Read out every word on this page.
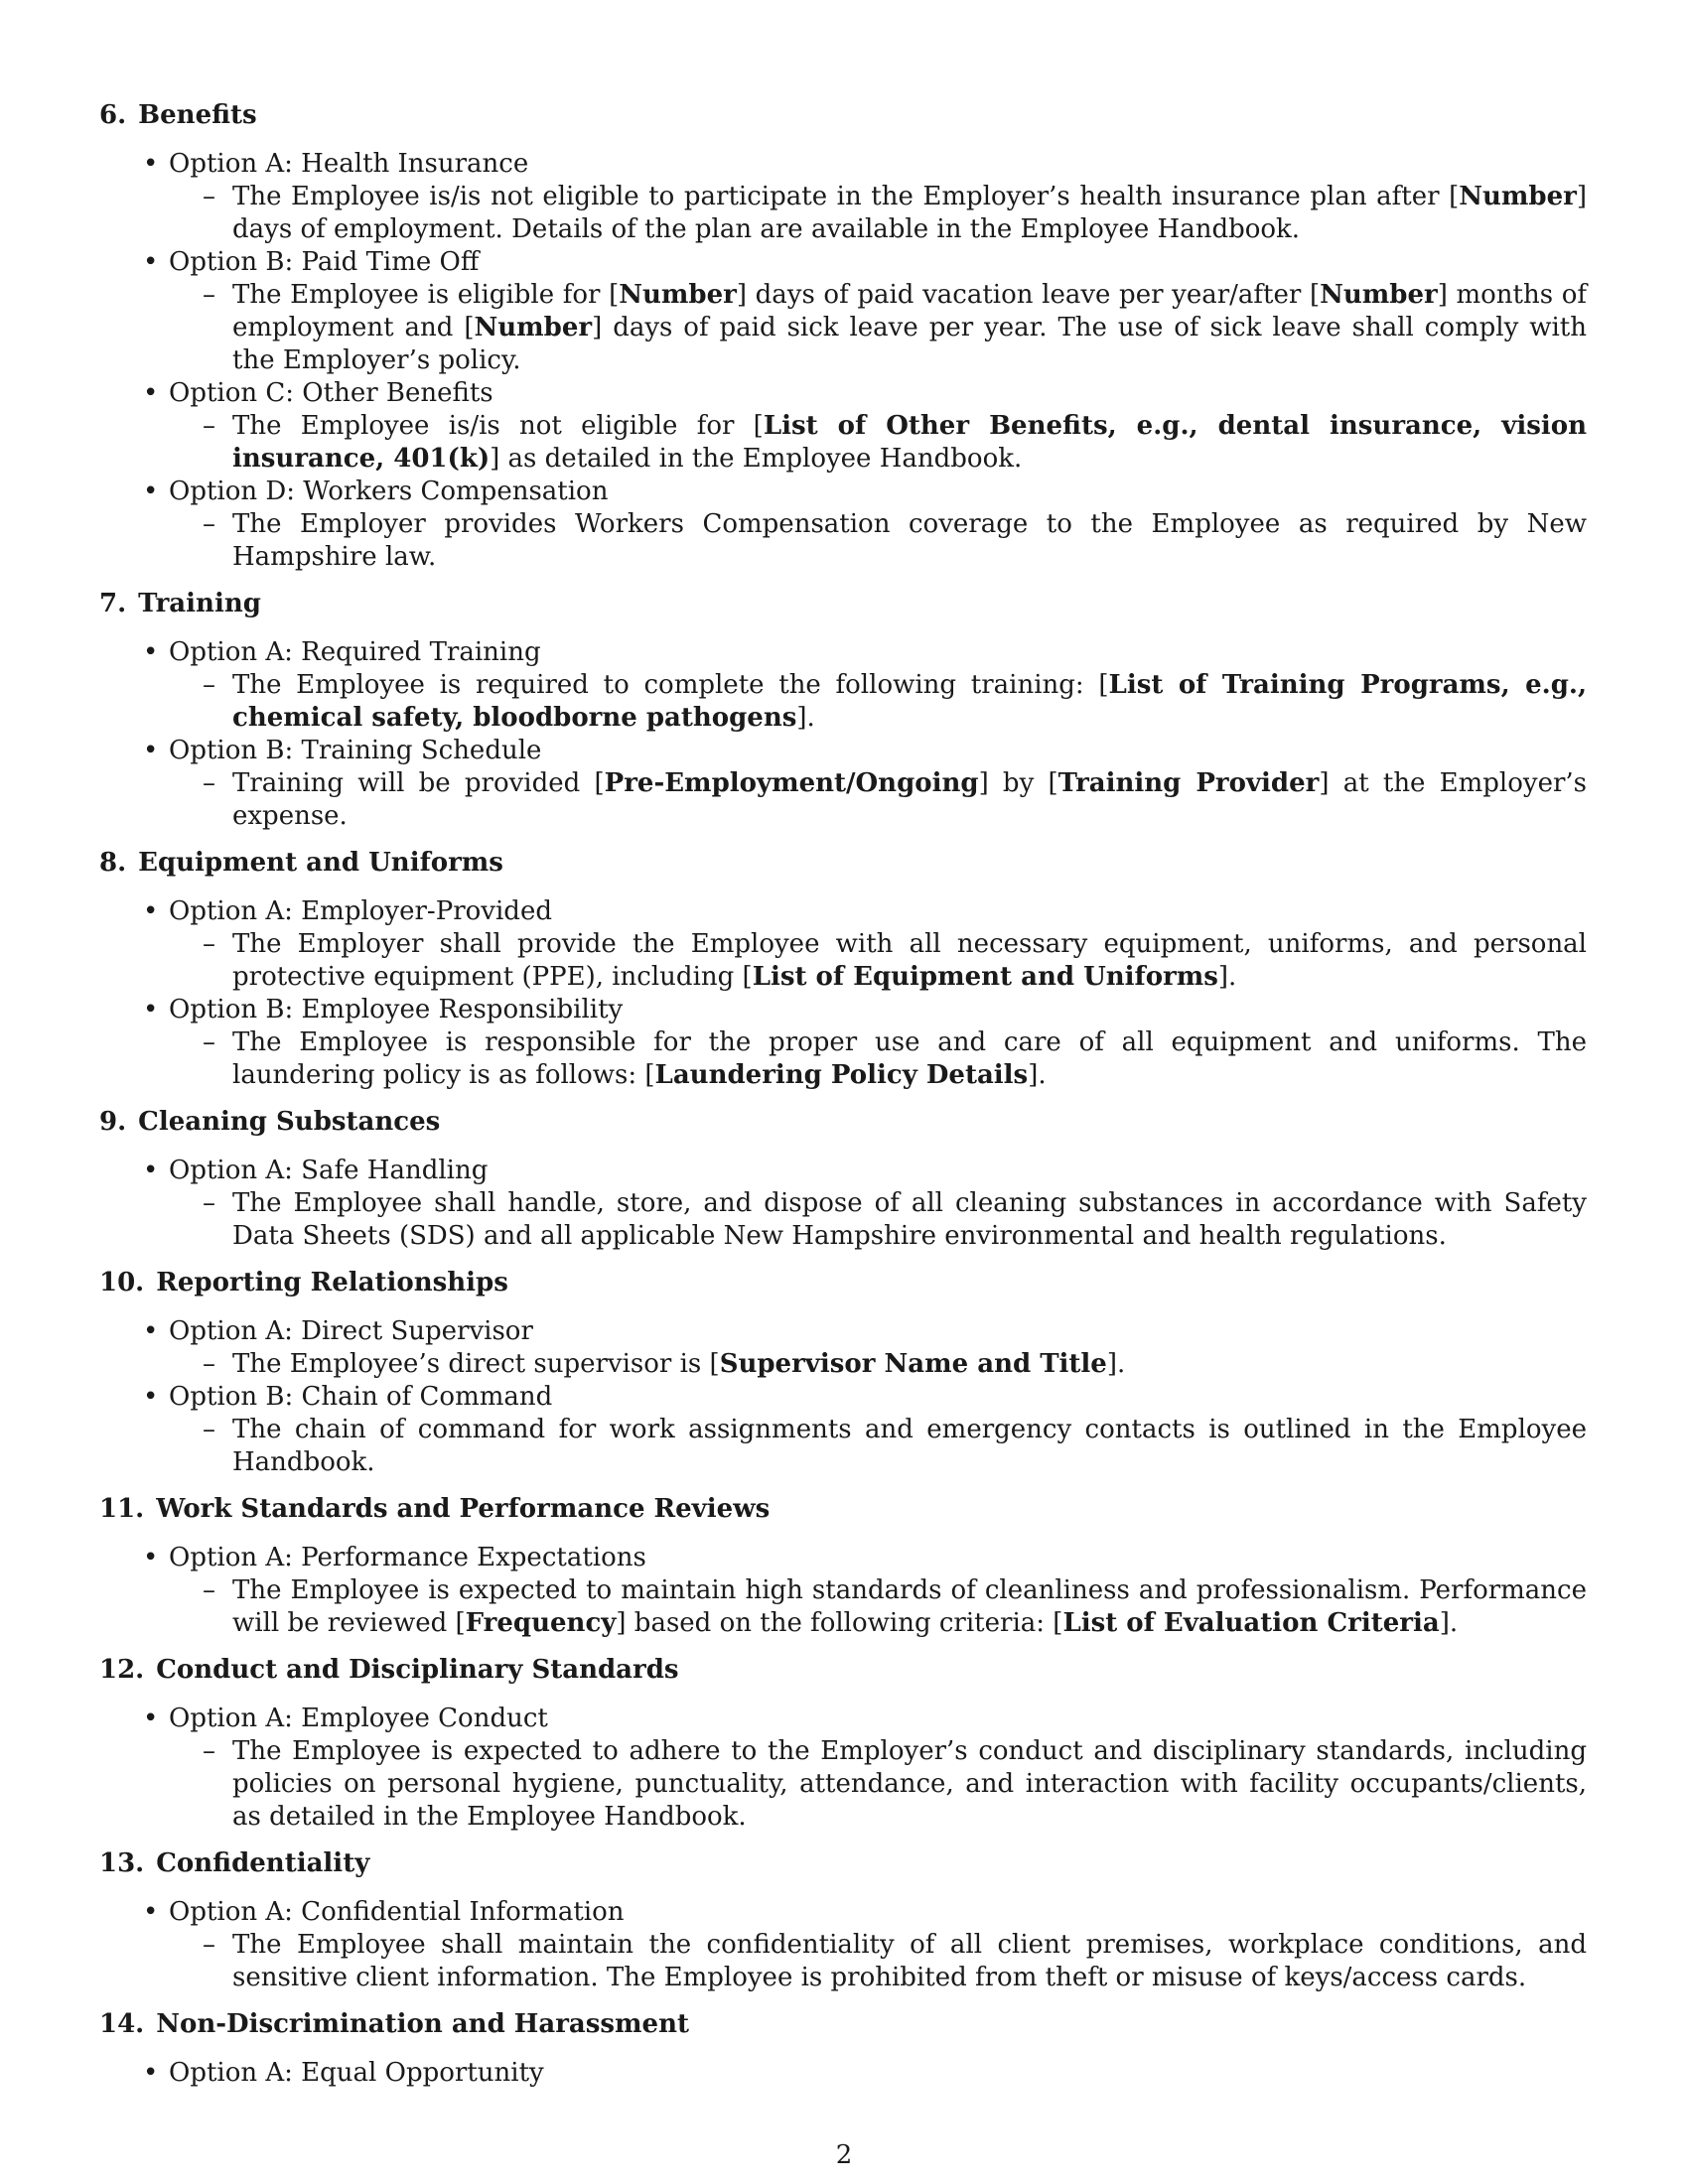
6. Benefits
• Option A: Health Insurance
– The Employee is/is not eligible to participate in the Employer’s health insurance plan after [Number] days of employment. Details of the plan are available in the Employee Handbook.
• Option B: Paid Time Off
– The Employee is eligible for [Number] days of paid vacation leave per year/after [Number] months of employment and [Number] days of paid sick leave per year. The use of sick leave shall comply with the Employer’s policy.
• Option C: Other Benefits
– The Employee is/is not eligible for [List of Other Benefits, e.g., dental insurance, vision insurance, 401(k)] as detailed in the Employee Handbook.
• Option D: Workers Compensation
– The Employer provides Workers Compensation coverage to the Employee as required by New Hampshire law.
7. Training
• Option A: Required Training
– The Employee is required to complete the following training: [List of Training Programs, e.g., chemical safety, bloodborne pathogens].
• Option B: Training Schedule
– Training will be provided [Pre-Employment/Ongoing] by [Training Provider] at the Employer’s expense.
8. Equipment and Uniforms
• Option A: Employer-Provided
– The Employer shall provide the Employee with all necessary equipment, uniforms, and personal protective equipment (PPE), including [List of Equipment and Uniforms].
• Option B: Employee Responsibility
– The Employee is responsible for the proper use and care of all equipment and uniforms. The laundering policy is as follows: [Laundering Policy Details].
9. Cleaning Substances
• Option A: Safe Handling
– The Employee shall handle, store, and dispose of all cleaning substances in accordance with Safety Data Sheets (SDS) and all applicable New Hampshire environmental and health regulations.
10. Reporting Relationships
• Option A: Direct Supervisor
– The Employee’s direct supervisor is [Supervisor Name and Title].
• Option B: Chain of Command
– The chain of command for work assignments and emergency contacts is outlined in the Employee Handbook.
11. Work Standards and Performance Reviews
• Option A: Performance Expectations
– The Employee is expected to maintain high standards of cleanliness and professionalism. Performance will be reviewed [Frequency] based on the following criteria: [List of Evaluation Criteria].
12. Conduct and Disciplinary Standards
• Option A: Employee Conduct
– The Employee is expected to adhere to the Employer’s conduct and disciplinary standards, including policies on personal hygiene, punctuality, attendance, and interaction with facility occupants/clients, as detailed in the Employee Handbook.
13. Confidentiality
• Option A: Confidential Information
– The Employee shall maintain the confidentiality of all client premises, workplace conditions, and sensitive client information. The Employee is prohibited from theft or misuse of keys/access cards.
14. Non-Discrimination and Harassment
• Option A: Equal Opportunity
2
